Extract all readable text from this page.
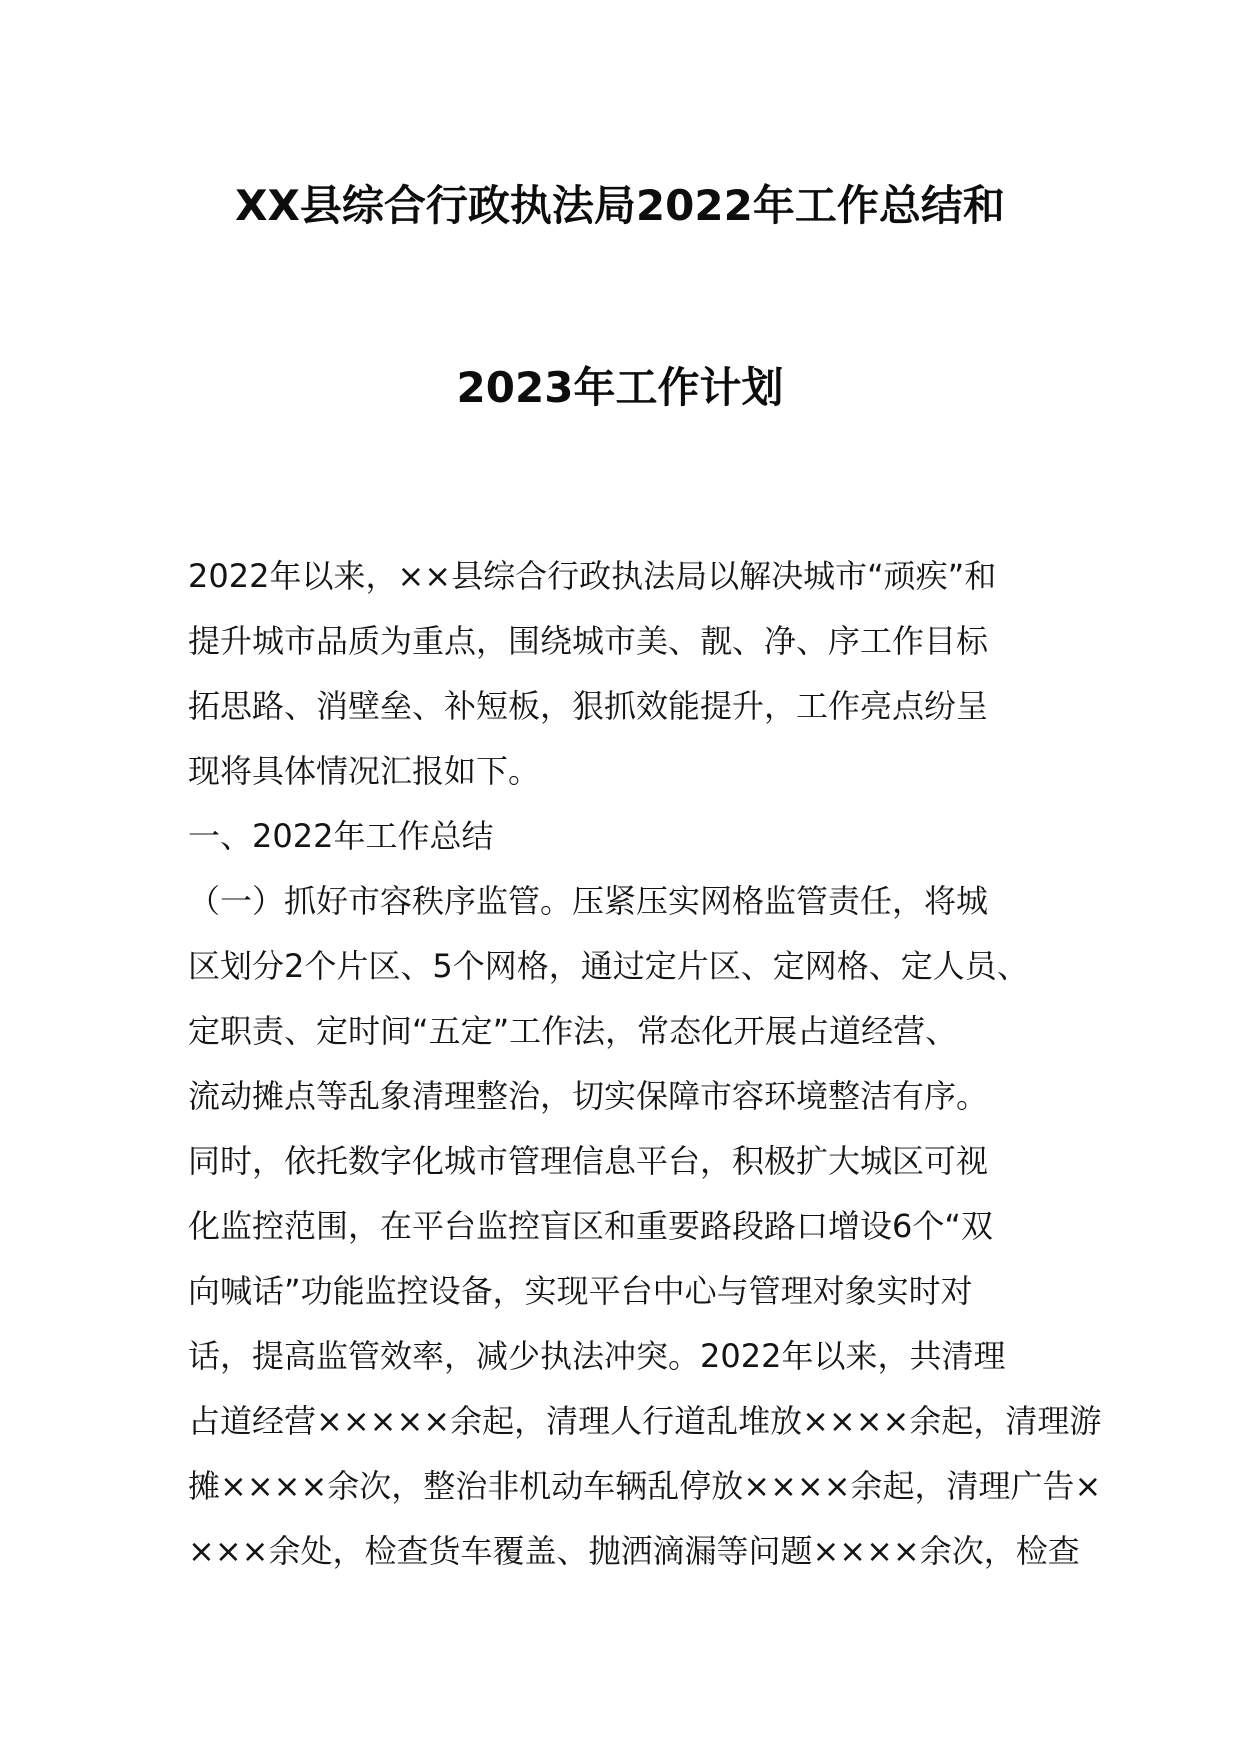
XX县综合行政执法局2022年工作总结和
2023年工作计划
2022年以来，××县综合行政执法局以解决城市“顽疾”和
提升城市品质为重点，围绕城市美、靓、净、序工作目标
拓思路、消壁垒、补短板，狠抓效能提升，工作亮点纷呈
现将具体情况汇报如下。
一、2022年工作总结
（一）抓好市容秩序监管。压紧压实网格监管责任，将城
区划分2个片区、5个网格，通过定片区、定网格、定人员、
定职责、定时间“五定”工作法，常态化开展占道经营、
流动摊点等乱象清理整治，切实保障市容环境整洁有序。
同时，依托数字化城市管理信息平台，积极扩大城区可视
化监控范围，在平台监控盲区和重要路段路口增设6个“双
向喊话”功能监控设备，实现平台中心与管理对象实时对
话，提高监管效率，减少执法冲突。2022年以来，共清理
占道经营×××××余起，清理人行道乱堆放××××余起，清理游
摊××××余次，整治非机动车辆乱停放××××余起，清理广告×
×××余处，检查货车覆盖、抛洒滴漏等问题××××余次，检查
